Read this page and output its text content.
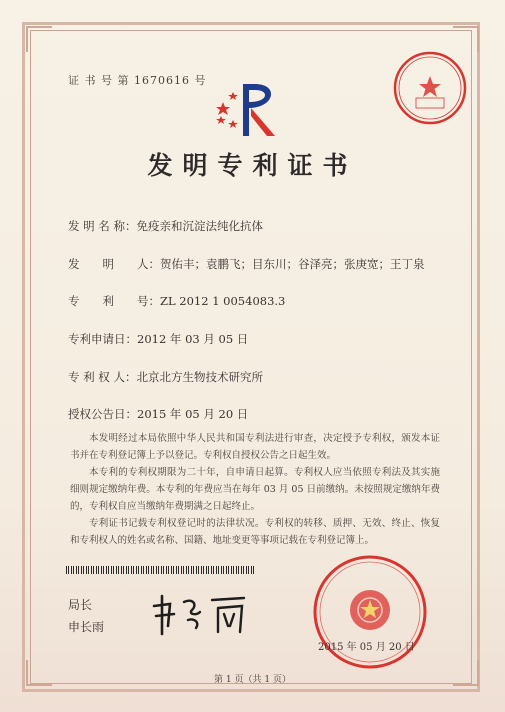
证 书 号 第 1670616 号
发明专利证书
发 明 名 称：免疫亲和沉淀法纯化抗体
发　　明　　人：贺佑丰；袁鹏飞；目东川；谷泽亮；张庚宽；王丁泉
专　　利　　号：ZL 2012 1 0054083.3
专利申请日：2012 年 03 月 05 日
专 利 权 人：北京北方生物技术研究所
授权公告日：2015 年 05 月 20 日

本发明经过本局依照中华人民共和国专利法进行审查，决定授予专利权，颁发本证书并在专利登记簿上予以登记。专利权自授权公告之日起生效。

本专利的专利权期限为二十年，自申请日起算。专利权人应当依照专利法及其实施细则规定缴纳年费。本专利的年费应当在每年 03 月 05 日前缴纳。未按照规定缴纳年费的，专利权自应当缴纳年费期满之日起终止。

专利证书记载专利权登记时的法律状况。专利权的转移、质押、无效、终止、恢复和专利权人的姓名或名称、国籍、地址变更等事项记载在专利登记簿上。

局长
申长雨
2015 年 05 月 20 日
第 1 页（共 1 页）
